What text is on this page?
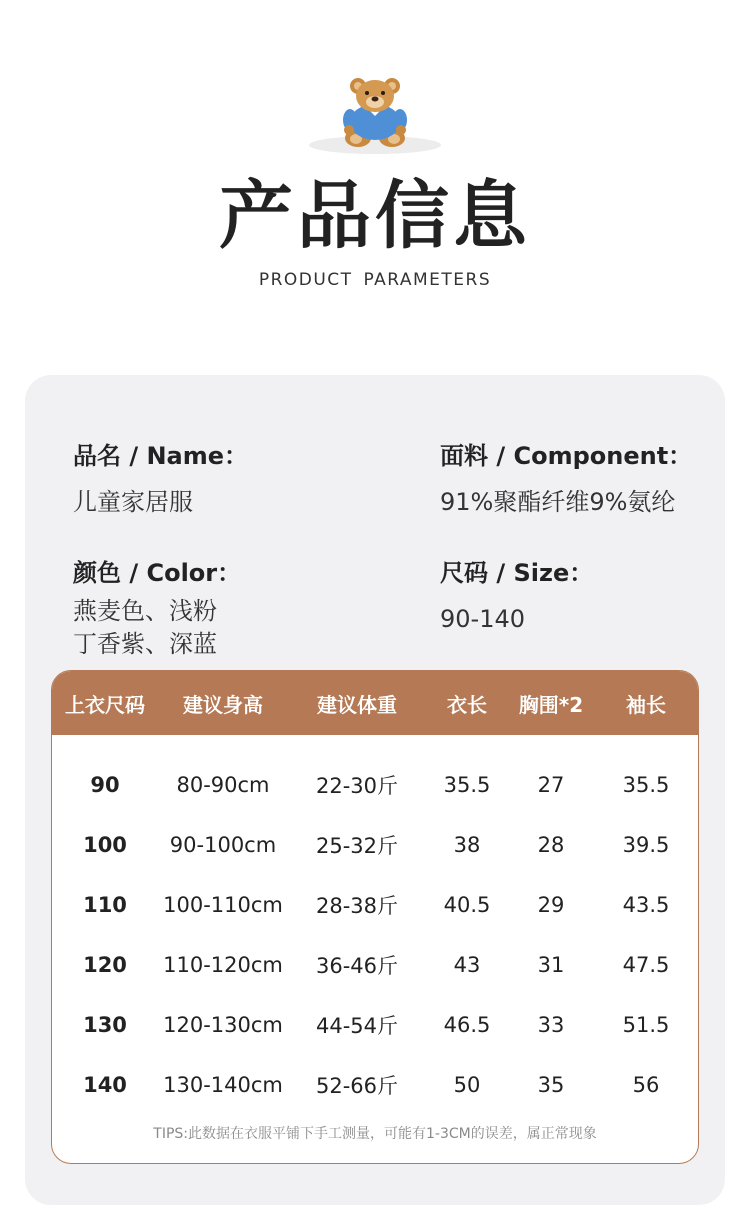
产品信息
PRODUCT PARAMETERS
品名 / Name：
儿童家居服
面料 / Component：
91%聚酯纤维9%氨纶
颜色 / Color：
燕麦色、浅粉
丁香紫、深蓝
尺码 / Size：
90-140
上衣尺码	建议身高	建议体重	衣长	胸围*2	袖长
90	80-90cm	22-30斤	35.5	27	35.5
100	90-100cm	25-32斤	38	28	39.5
110	100-110cm	28-38斤	40.5	29	43.5
120	110-120cm	36-46斤	43	31	47.5
130	120-130cm	44-54斤	46.5	33	51.5
140	130-140cm	52-66斤	50	35	56
TIPS:此数据在衣服平铺下手工测量，可能有1-3CM的误差，属正常现象
